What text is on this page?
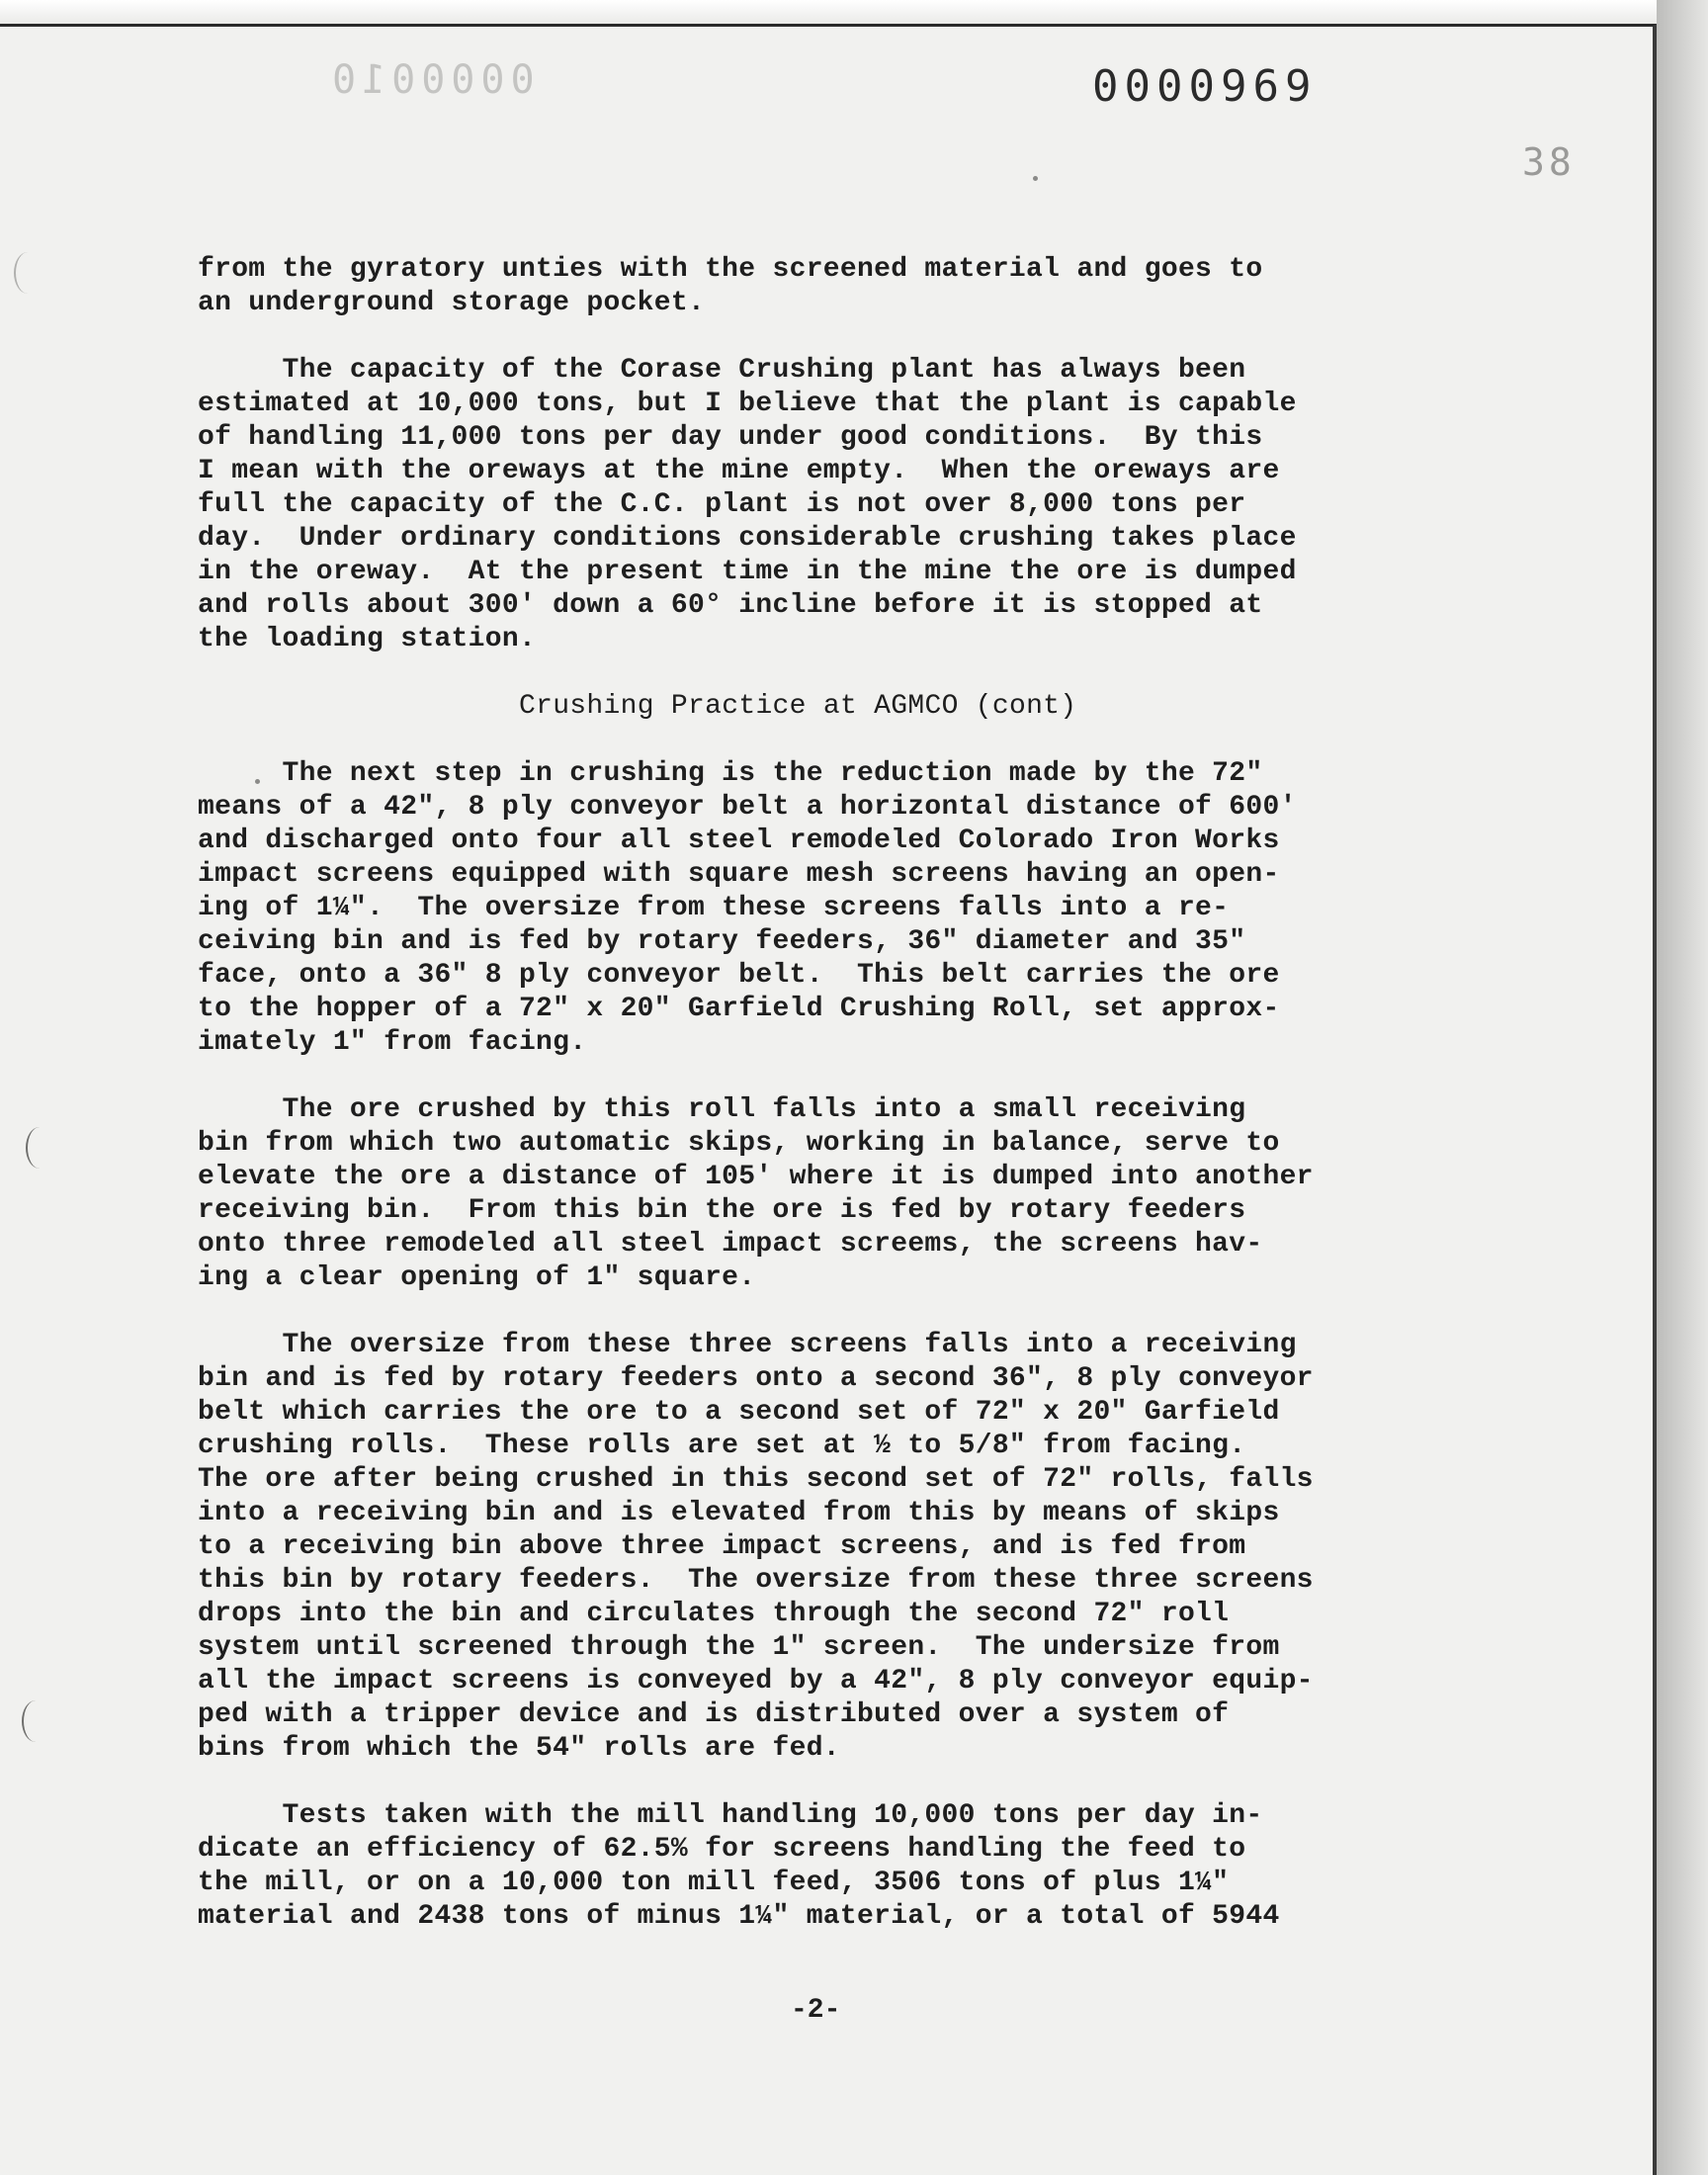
0000010	0000969
38
from the gyratory unties with the screened material and goes to
an underground storage pocket.
The capacity of the Corase Crushing plant has always been
estimated at 10,000 tons, but I believe that the plant is capable
of handling 11,000 tons per day under good conditions.  By this
I mean with the oreways at the mine empty.  When the oreways are
full the capacity of the C.C. plant is not over 8,000 tons per
day.  Under ordinary conditions considerable crushing takes place
in the oreway.  At the present time in the mine the ore is dumped
and rolls about 300' down a 60° incline before it is stopped at
the loading station.
Crushing Practice at AGMCO (cont)
The next step in crushing is the reduction made by the 72"
means of a 42", 8 ply conveyor belt a horizontal distance of 600'
and discharged onto four all steel remodeled Colorado Iron Works
impact screens equipped with square mesh screens having an open-
ing of 1¼".  The oversize from these screens falls into a re-
ceiving bin and is fed by rotary feeders, 36" diameter and 35"
face, onto a 36" 8 ply conveyor belt.  This belt carries the ore
to the hopper of a 72" x 20" Garfield Crushing Roll, set approx-
imately 1" from facing.
The ore crushed by this roll falls into a small receiving
bin from which two automatic skips, working in balance, serve to
elevate the ore a distance of 105' where it is dumped into another
receiving bin.  From this bin the ore is fed by rotary feeders
onto three remodeled all steel impact screems, the screens hav-
ing a clear opening of 1" square.
The oversize from these three screens falls into a receiving
bin and is fed by rotary feeders onto a second 36", 8 ply conveyor
belt which carries the ore to a second set of 72" x 20" Garfield
crushing rolls.  These rolls are set at ½ to 5/8" from facing.
The ore after being crushed in this second set of 72" rolls, falls
into a receiving bin and is elevated from this by means of skips
to a receiving bin above three impact screens, and is fed from
this bin by rotary feeders.  The oversize from these three screens
drops into the bin and circulates through the second 72" roll
system until screened through the 1" screen.  The undersize from
all the impact screens is conveyed by a 42", 8 ply conveyor equip-
ped with a tripper device and is distributed over a system of
bins from which the 54" rolls are fed.
Tests taken with the mill handling 10,000 tons per day in-
dicate an efficiency of 62.5% for screens handling the feed to
the mill, or on a 10,000 ton mill feed, 3506 tons of plus 1¼"
material and 2438 tons of minus 1¼" material, or a total of 5944
-2-
